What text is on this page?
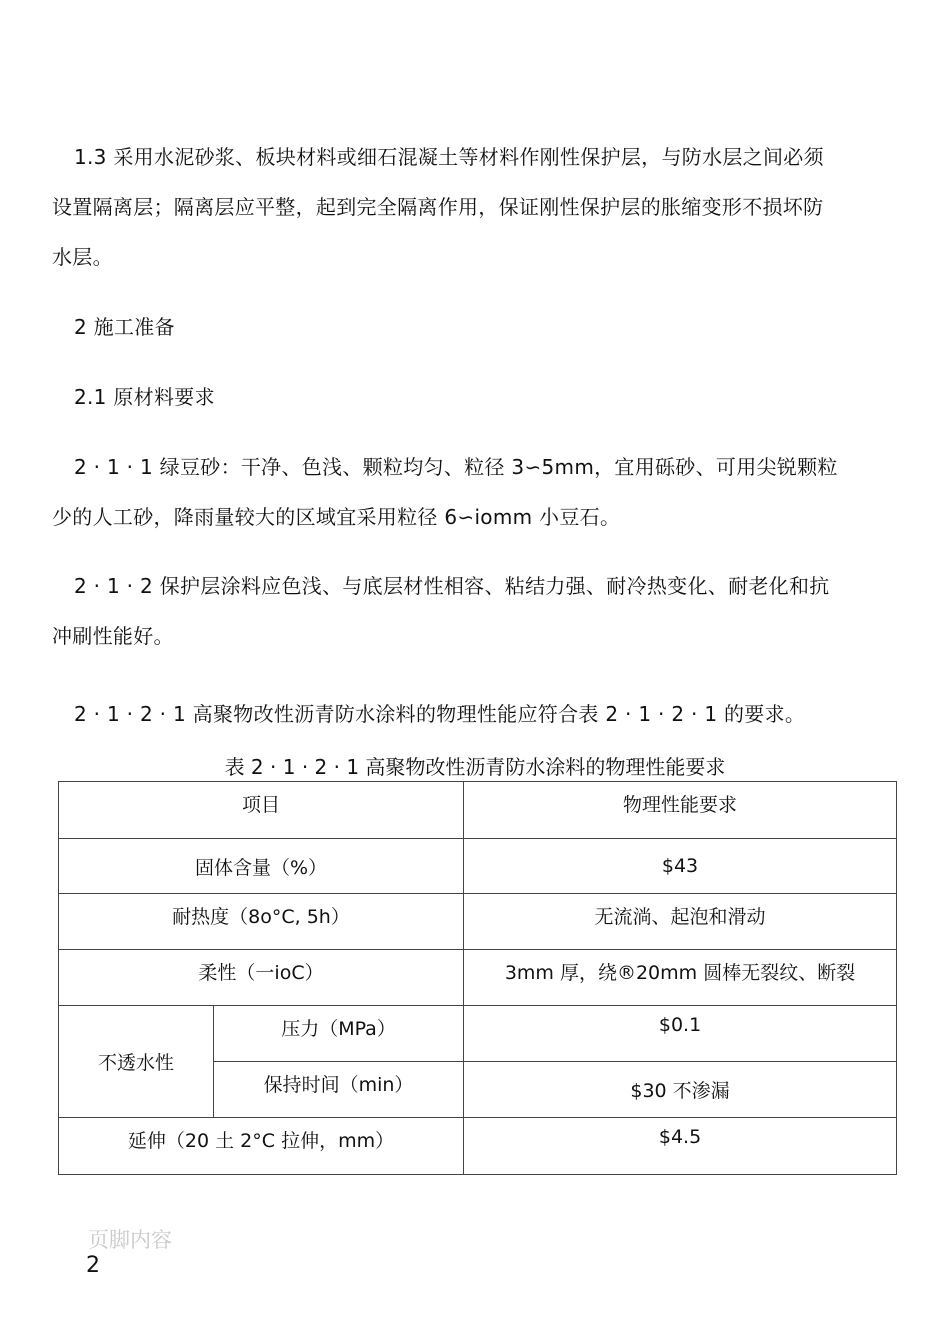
1.3 采用水泥砂浆、板块材料或细石混凝土等材料作刚性保护层，与防水层之间必须
设置隔离层；隔离层应平整，起到完全隔离作用，保证刚性保护层的胀缩变形不损坏防
水层。

2 施工准备

2.1 原材料要求

2 · 1 · 1 绿豆砂：干净、色浅、颗粒均匀、粒径 3∽5mm，宜用砾砂、可用尖锐颗粒
少的人工砂，降雨量较大的区域宜采用粒径 6∽iomm 小豆石。

2 · 1 · 2 保护层涂料应色浅、与底层材性相容、粘结力强、耐冷热变化、耐老化和抗
冲刷性能好。

2 · 1 · 2 · 1 高聚物改性沥青防水涂料的物理性能应符合表 2 · 1 · 2 · 1 的要求。

表 2 · 1 · 2 · 1 高聚物改性沥青防水涂料的物理性能要求
项目		物理性能要求
固体含量（%）		$43
耐热度（8o°C, 5h）		无流淌、起泡和滑动
柔性（一ioC）		3mm 厚，绕®20mm 圆棒无裂纹、断裂
不透水性	压力（MPa）	$0.1
	保持时间（min）	$30 不渗漏
延伸（20 土 2°C 拉伸，mm）		$4.5
页脚内容
2
